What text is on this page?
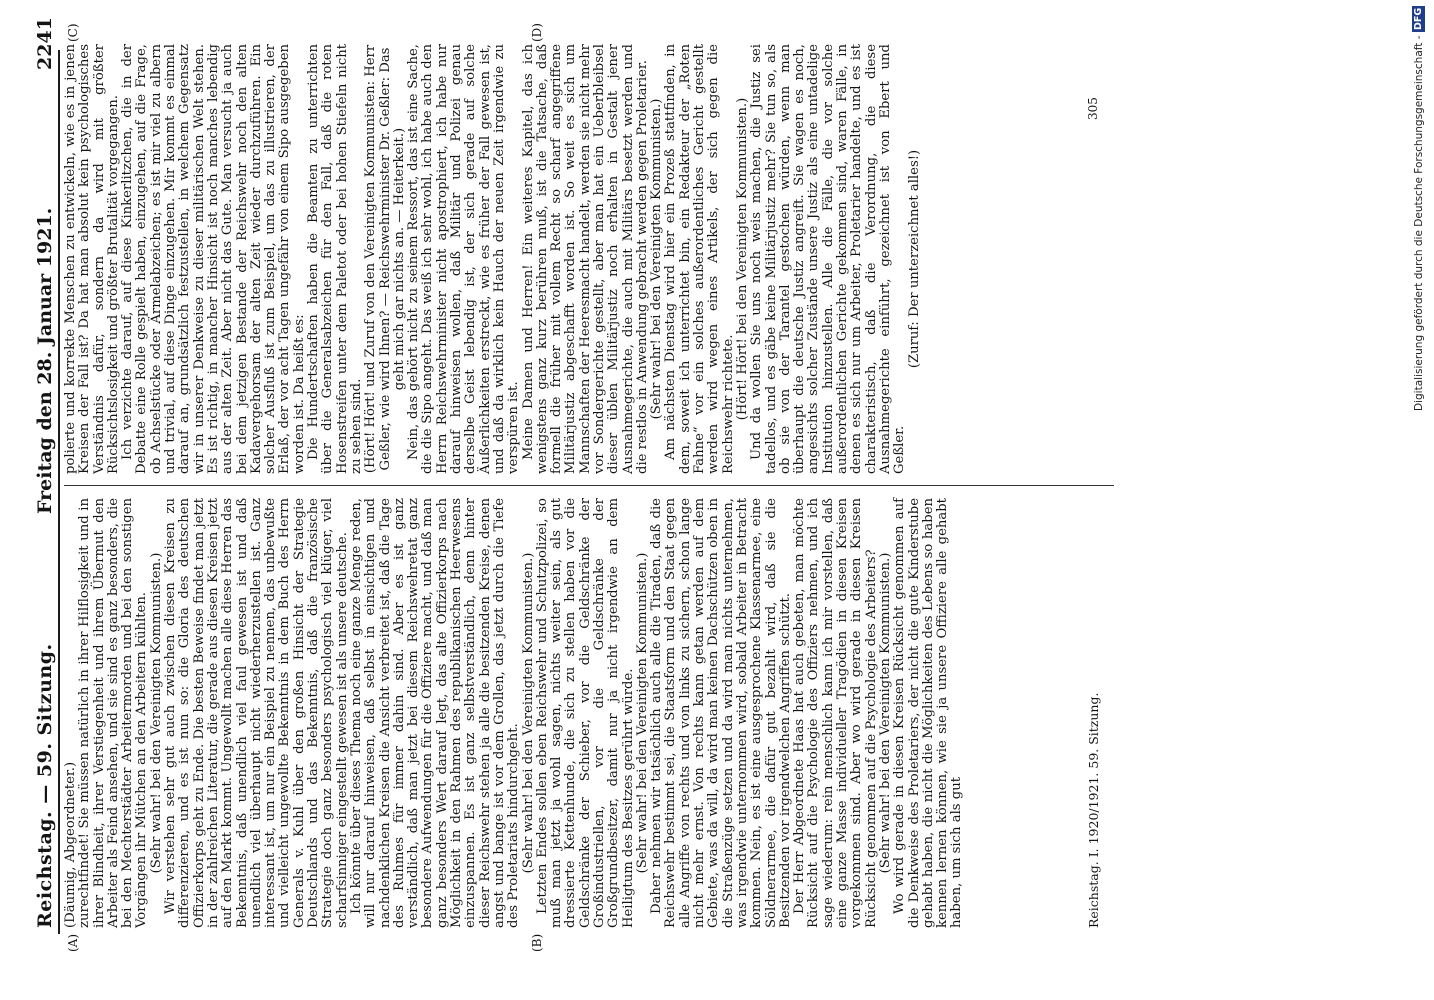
Reichstag. — 59. Sitzung.
Freitag den 28. Januar 1921.
2241
(A)	(B)
(C)	(D)

(Däumig, Abgeordneter.) zurechtfindet! Sie müssen natürlich in ihrer Hilflosigkeit und in ihrer Blindheit, ihrer Verstiegenheit und ihrem Übermut den Arbeiter als Feind ansehen, und sie sind es ganz besonders, die bei den Mechterstädter Arbeitermorden und bei den sonstigen Vorgängen ihr Mütchen an den Arbeitern kühlten. (Sehr wahr! bei den Vereinigten Kommunisten.) Wir verstehen sehr gut auch zwischen diesen Kreisen zu differenzieren, und es ist nun so: die Gloria des deutschen Offizierkorps geht zu Ende. Die besten Beweise findet man jetzt in der zahlreichen Literatur, die gerade aus diesen Kreisen jetzt auf den Markt kommt. Ungewollt machen alle diese Herren das Bekenntnis, daß unendlich viel faul gewesen ist und daß unendlich viel überhaupt nicht wiederherzustellen ist. Ganz interessant ist, um nur ein Beispiel zu nennen, das unbewußte und vielleicht ungewollte Bekenntnis in dem Buch des Herrn Generals v. Kuhl über den großen Hinsicht der Strategie Deutschlands und das Bekenntnis, daß die französische Strategie doch ganz besonders psychologisch viel klüger, viel scharfsinniger eingestellt gewesen ist als unsere deutsche. Ich könnte über dieses Thema noch eine ganze Menge reden, will nur darauf hinweisen, daß selbst in einsichtigen und nachdenklichen Kreisen die Ansicht verbreitet ist, daß die Tage des Ruhmes für immer dahin sind. Aber es ist ganz verständlich, daß man jetzt bei diesem Reichswehretat ganz besondere Aufwendungen für die Offiziere macht, und daß man ganz besonders Wert darauf legt, das alte Offizierkorps nach Möglichkeit in den Rahmen des republikanischen Heerwesens einzuspannen. Es ist ganz selbstverständlich, denn hinter dieser Reichswehr stehen ja alle die besitzenden Kreise, denen angst und bange ist vor dem Grollen, das jetzt durch die Tiefe des Proletariats hindurchgeht. (Sehr wahr! bei den Vereinigten Kommunisten.) Letzten Endes sollen eben Reichswehr und Schutzpolizei, so muß man jetzt ja wohl sagen, nichts weiter sein, als gut dressierte Kettenhunde, die sich zu stellen haben vor die Geldschränke der Schieber, vor die Geldschränke der Großindustriellen, vor die Geldschränke der Großgrundbesitzer, damit nur ja nicht irgendwie an dem Heiligtum des Besitzes gerührt würde. (Sehr wahr! bei den Vereinigten Kommunisten.) Daher nehmen wir tatsächlich auch alle die Tiraden, daß die Reichswehr bestimmt sei, die Staatsform und den Staat gegen alle Angriffe von rechts und von links zu sichern, schon lange nicht mehr ernst. Von rechts kann getan werden auf dem Gebiete, was da will, da wird man keinen Dachschützen oben in die Straßenzüge setzen und da wird man nichts unternehmen, was irgendwie unternommen wird, sobald Arbeiter in Betracht kommen. Nein, es ist eine ausgesprochene Klassenarmee, eine Söldnerarmee, die dafür gut bezahlt wird, daß sie die Besitzenden vor irgendwelchen Angriffen schützt. Der Herr Abgeordnete Haas hat auch gebeten, man möchte Rücksicht auf die Psychologie des Offiziers nehmen, und ich sage wiederum: rein menschlich kann ich mir vorstellen, daß eine ganze Masse individueller Tragödien in diesen Kreisen vorgekommen sind. Aber wo wird gerade in diesen Kreisen Rücksicht genommen auf die Psychologie des Arbeiters? (Sehr wahr! bei den Vereinigten Kommunisten.) Wo wird gerade in diesen Kreisen Rücksicht genommen auf die Denkweise des Proletariers, der nicht die gute Kinderstube gehabt haben, die nicht die Möglichkeiten des Lebens so haben kennen lernen können, wie sie ja unsere Offiziere alle gehabt haben, um sich als gut

polierte und korrekte Menschen zu entwickeln, wie es in jenen Kreisen der Fall ist? Da hat man absolut kein psychologisches Verständnis dafür, sondern da wird mit größter Rücksichtslosigkeit und größter Brutalität vorgegangen. Ich verzichte darauf, auf diese Kinkerlitzchen, die in der Debatte eine Rolle gespielt haben, einzugehen, auf die Frage, ob Achselstücke oder Ärmelabzeichen; es ist mir viel zu albern und trivial, auf diese Dinge einzugehen. Mir kommt es einmal darauf an, grundsätzlich festzustellen, in welchem Gegensatz wir in unserer Denkweise zu dieser militärischen Welt stehen. Es ist richtig, in mancher Hinsicht ist noch manches lebendig aus der alten Zeit. Aber nicht das Gute. Man versucht ja auch bei dem jetzigen Bestande der Reichswehr noch den alten Kadavergehorsam der alten Zeit wieder durchzuführen. Ein solcher Ausfluß ist zum Beispiel, um das zu illustrieren, der Erlaß, der vor acht Tagen ungefähr von einem Sipo ausgegeben worden ist. Da heißt es: Die Hundertschaften haben die Beamten zu unterrichten über die Generalsabzeichen für den Fall, daß die roten Hosenstreifen unter dem Paletot oder bei hohen Stiefeln nicht zu sehen sind. (Hört! Hört! und Zuruf von den Vereinigten Kommunisten: Herr Geßler, wie wird Ihnen? — Reichswehrminister Dr. Geßler: Das geht mich gar nichts an. — Heiterkeit.) Nein, das gehört nicht zu seinem Ressort, das ist eine Sache, die die Sipo angeht. Das weiß ich sehr wohl, ich habe auch den Herrn Reichswehrminister nicht apostrophiert, ich habe nur darauf hinweisen wollen, daß Militär und Polizei genau derselbe Geist lebendig ist, der sich gerade auf solche Äußerlichkeiten erstreckt, wie es früher der Fall gewesen ist, und daß da wirklich kein Hauch der neuen Zeit irgendwie zu verspüren ist. Meine Damen und Herren! Ein weiteres Kapitel, das ich wenigstens ganz kurz berühren muß, ist die Tatsache, daß formell die früher mit vollem Recht so scharf angegriffene Militärjustiz abgeschafft worden ist. So weit es sich um Mannschaften der Heeresmacht handelt, werden sie nicht mehr vor Sondergerichte gestellt, aber man hat ein Ueberbleibsel dieser üblen Militärjustiz noch erhalten in Gestalt jener Ausnahmegerichte, die auch mit Militärs besetzt werden und die restlos in Anwendung gebracht werden gegen Proletarier. (Sehr wahr! bei den Vereinigten Kommunisten.) Am nächsten Dienstag wird hier ein Prozeß stattfinden, in dem, soweit ich unterrichtet bin, ein Redakteur der „Roten Fahne“ vor ein solches außerordentliches Gericht gestellt werden wird wegen eines Artikels, der sich gegen die Reichswehr richtete. (Hört! Hört! bei den Vereinigten Kommunisten.) Und da wollen Sie uns noch weis machen, die Justiz sei tadellos, und es gäbe keine Militärjustiz mehr? Sie tun so, als ob sie von der Tarantel gestochen würden, wenn man überhaupt die deutsche Justiz angreift. Sie wagen es noch, angesichts solcher Zustände unsere Justiz als eine untadelige Institution hinzustellen. Alle die Fälle, die vor solche außerordentlichen Gerichte gekommen sind, waren Fälle, in denen es sich nur um Arbeiter, Proletarier handelte, und es ist charakteristisch, daß die Verordnung, die diese Ausnahmegerichte einführt, gezeichnet ist von Ebert und Geßler.

(Zuruf: Der unterzeichnet alles!)

Reichstag. I. 1920/1921. 59. Sitzung.
305	Digitalisierung gefördert durch die Deutsche Forschungsgemeinschaft - DFG
